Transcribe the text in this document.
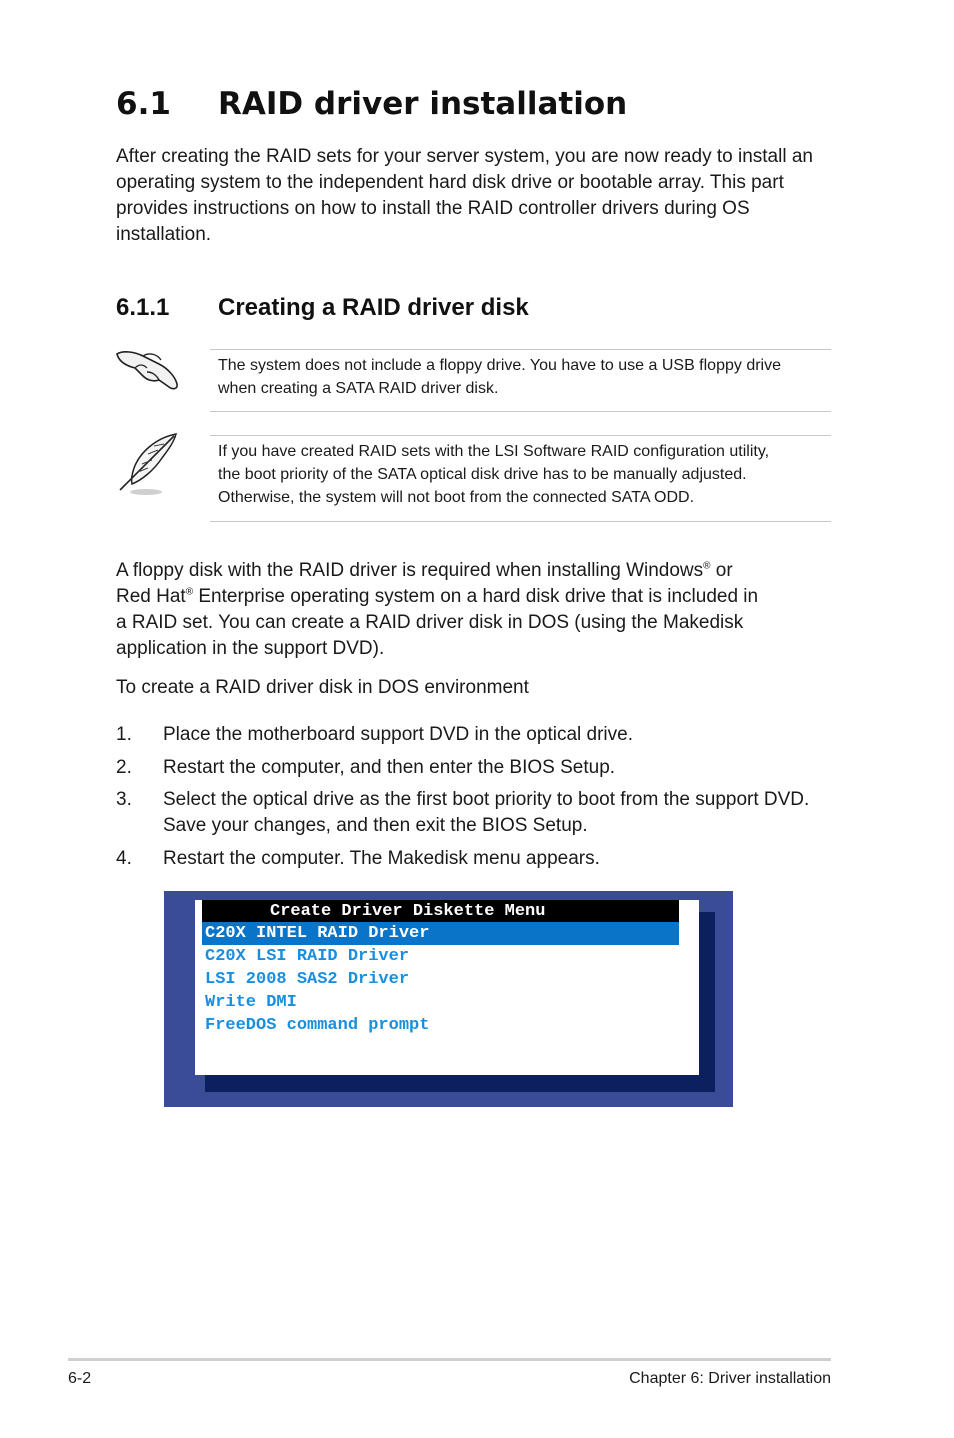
6.1 RAID driver installation

After creating the RAID sets for your server system, you are now ready to install an operating system to the independent hard disk drive or bootable array. This part provides instructions on how to install the RAID controller drivers during OS installation.

6.1.1 Creating a RAID driver disk
The system does not include a floppy drive. You have to use a USB floppy drive
when creating a SATA RAID driver disk.
If you have created RAID sets with the LSI Software RAID configuration utility,
the boot priority of the SATA optical disk drive has to be manually adjusted.
Otherwise, the system will not boot from the connected SATA ODD.

A floppy disk with the RAID driver is required when installing Windows® or
Red Hat® Enterprise operating system on a hard disk drive that is included in
a RAID set. You can create a RAID driver disk in DOS (using the Makedisk
application in the support DVD).

To create a RAID driver disk in DOS environment

1.	Place the motherboard support DVD in the optical drive.
2.	Restart the computer, and then enter the BIOS Setup.
3.	Select the optical drive as the first boot priority to boot from the support DVD. Save your changes, and then exit the BIOS Setup.
4.	Restart the computer. The Makedisk menu appears.
Create Driver Diskette Menu
C20X INTEL RAID Driver
C20X LSI RAID Driver
LSI 2008 SAS2 Driver
Write DMI
FreeDOS command prompt
6-2	Chapter 6: Driver installation
